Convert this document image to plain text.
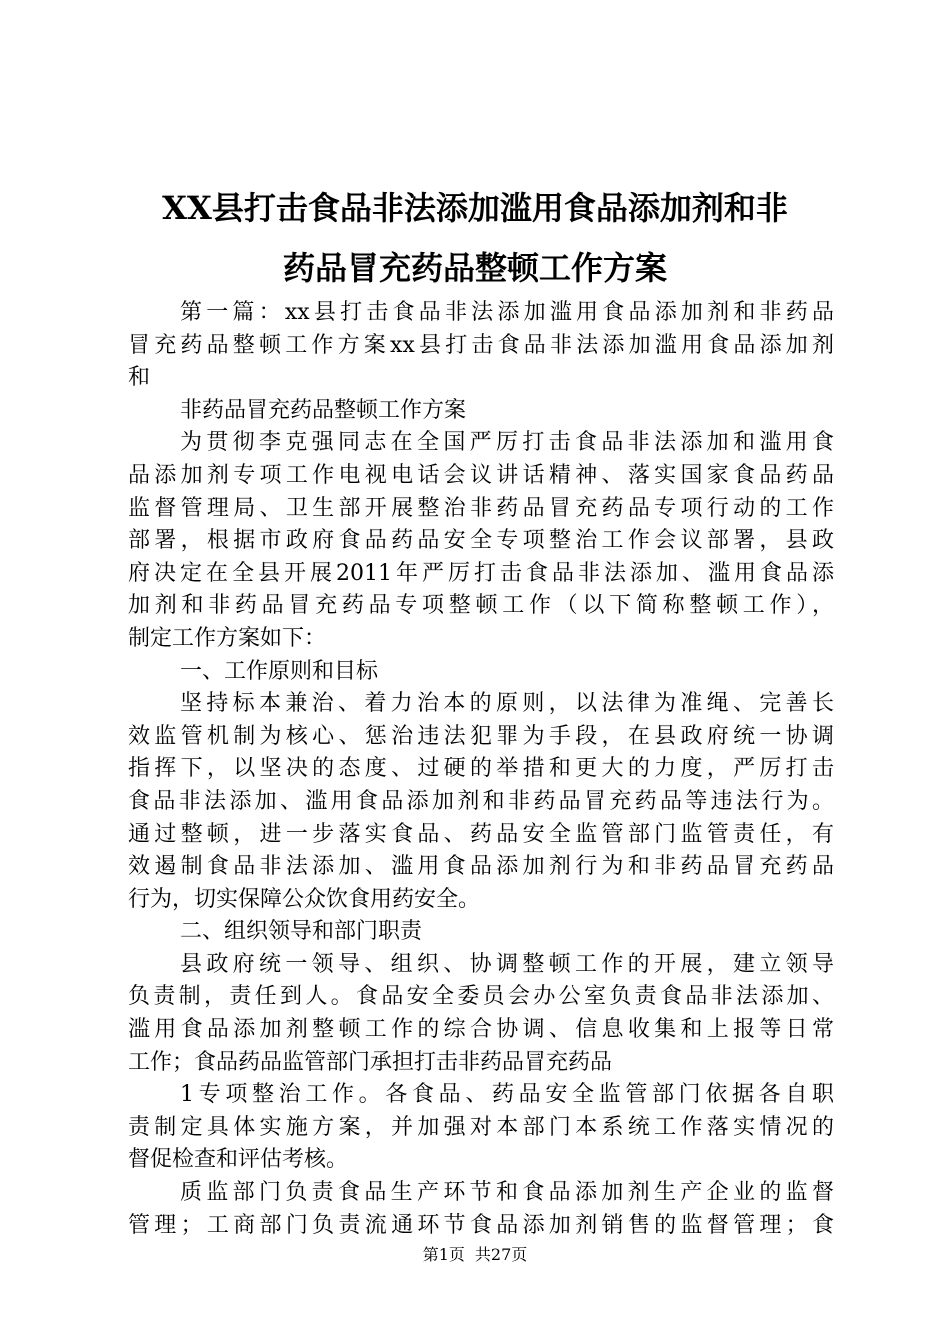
XX县打击食品非法添加滥用食品添加剂和非
药品冒充药品整顿工作方案
第一篇：xx县打击食品非法添加滥用食品添加剂和非药品
冒充药品整顿工作方案xx县打击食品非法添加滥用食品添加剂
和
非药品冒充药品整顿工作方案
为贯彻李克强同志在全国严厉打击食品非法添加和滥用食
品添加剂专项工作电视电话会议讲话精神、落实国家食品药品
监督管理局、卫生部开展整治非药品冒充药品专项行动的工作
部署，根据市政府食品药品安全专项整治工作会议部署，县政
府决定在全县开展2011年严厉打击食品非法添加、滥用食品添
加剂和非药品冒充药品专项整顿工作（以下简称整顿工作），
制定工作方案如下：
一、工作原则和目标
坚持标本兼治、着力治本的原则，以法律为准绳、完善长
效监管机制为核心、惩治违法犯罪为手段，在县政府统一协调
指挥下，以坚决的态度、过硬的举措和更大的力度，严厉打击
食品非法添加、滥用食品添加剂和非药品冒充药品等违法行为。
通过整顿，进一步落实食品、药品安全监管部门监管责任，有
效遏制食品非法添加、滥用食品添加剂行为和非药品冒充药品
行为，切实保障公众饮食用药安全。
二、组织领导和部门职责
县政府统一领导、组织、协调整顿工作的开展，建立领导
负责制，责任到人。食品安全委员会办公室负责食品非法添加、
滥用食品添加剂整顿工作的综合协调、信息收集和上报等日常
工作；食品药品监管部门承担打击非药品冒充药品
1专项整治工作。各食品、药品安全监管部门依据各自职
责制定具体实施方案，并加强对本部门本系统工作落实情况的
督促检查和评估考核。
质监部门负责食品生产环节和食品添加剂生产企业的监督
管理；工商部门负责流通环节食品添加剂销售的监督管理；食
第1页 共27页
